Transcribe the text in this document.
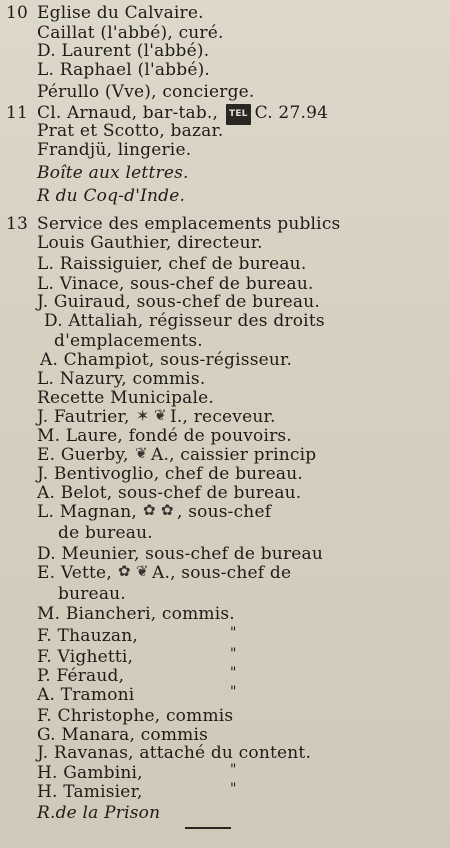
10 Eglise du Calvaire.
Caillat (l'abbé), curé.
D. Laurent (l'abbé).
L. Raphael (l'abbé).
Pérullo (Vve), concierge.
11 Cl. Arnaud, bar-tab.,	TEL C. 27.94
Prat et Scotto, bazar.
Frandjü, lingerie.
Boîte aux lettres.
R du Coq-d'Inde.
13 Service des emplacements publics
Louis Gauthier, directeur.
L. Raissiguier, chef de bureau.
L. Vinace, sous-chef de bureau.
J. Guiraud, sous-chef de bureau.
D. Attaliah, régisseur des droits
d'emplacements.
A. Champiot, sous-régisseur.
L. Nazury, commis.
Recette Municipale.
J. Fautrier, ✶ ❦	I., receveur.
M. Laure, fondé de pouvoirs.
E. Guerby, ❦	A., caissier princip
J. Bentivoglio, chef de bureau.
A. Belot, sous-chef de bureau.
L. Magnan, ✿ ✿	, sous-chef
de bureau.
D. Meunier, sous-chef de bureau
E. Vette, ✿ ❦	A., sous-chef de
bureau.
M. Biancheri, commis.
F. Thauzan,	"
F. Vighetti,	"
P. Féraud,	"
A. Tramoni	"
F. Christophe, commis
G. Manara, commis
J. Ravanas, attaché du content.
H. Gambini,	"
H. Tamisier,	"
R.de la Prison
